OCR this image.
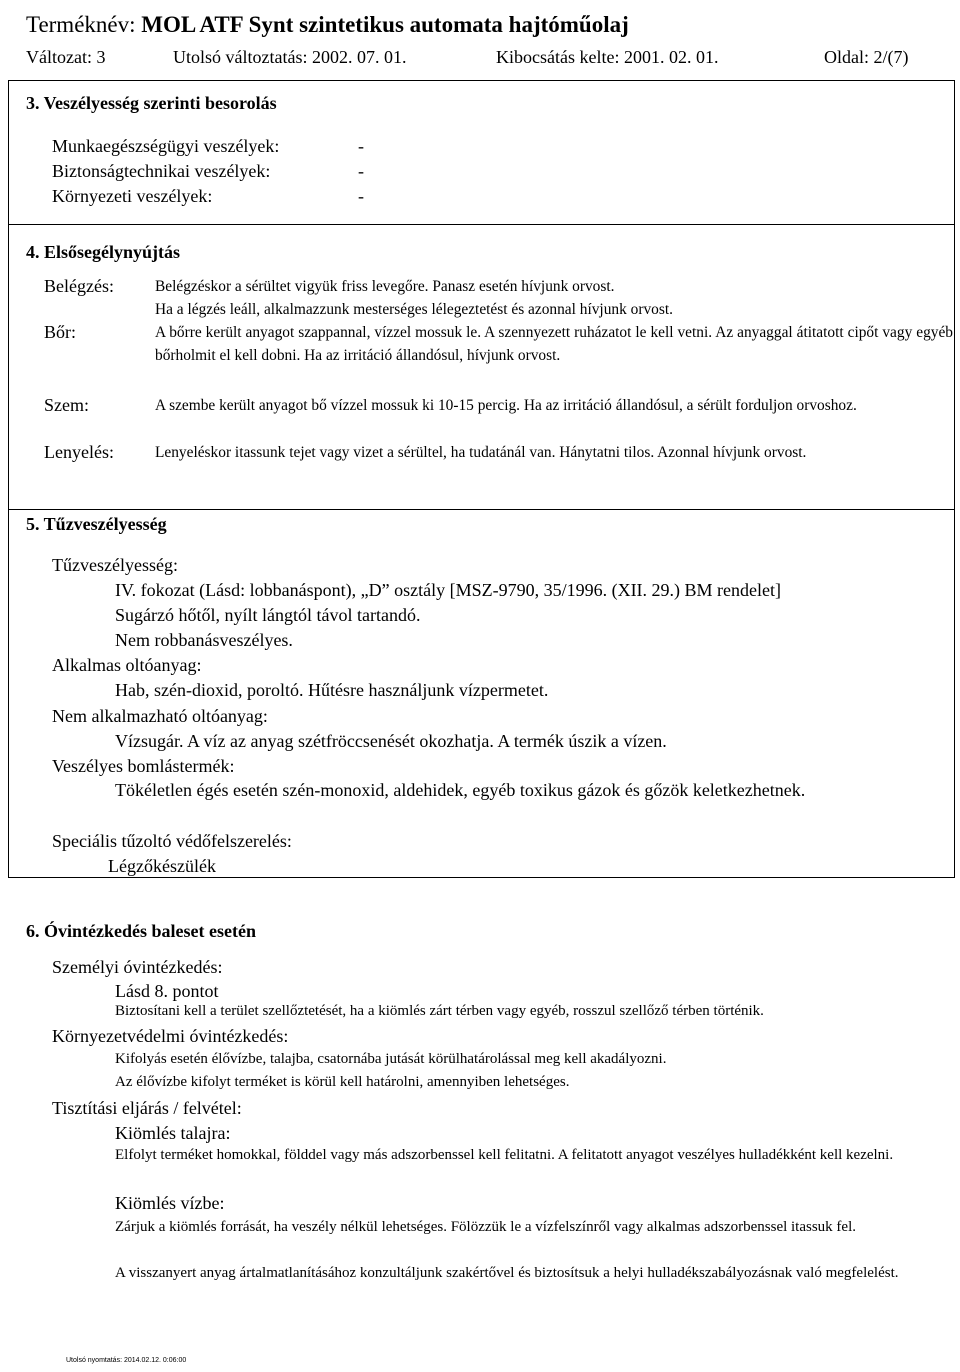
Terméknév: MOL ATF Synt szintetikus automata hajtóműolaj
Változat: 3	Utolsó változtatás: 2002. 07. 01.	Kibocsátás kelte: 2001. 02. 01.	Oldal: 2/(7)
3. Veszélyesség szerinti besorolás
Munkaegészségügyi veszélyek:	-
Biztonságtechnikai veszélyek:	-
Környezeti veszélyek:	-
4. Elsősegélynyújtás
Belégzés:	Belégzéskor a sérültet vigyük friss levegőre. Panasz esetén hívjunk orvost.
Ha a légzés leáll, alkalmazzunk mesterséges lélegeztetést és azonnal hívjunk orvost.
Bőr:	A bőrre került anyagot szappannal, vízzel mossuk le. A szennyezett ruházatot le kell vetni. Az anyaggal átitatott cipőt vagy egyéb bőrholmit el kell dobni. Ha az irritáció állandósul, hívjunk orvost.
Szem:	A szembe került anyagot bő vízzel mossuk ki 10-15 percig. Ha az irritáció állandósul, a sérült forduljon orvoshoz.
Lenyelés:	Lenyeléskor itassunk tejet vagy vizet a sérültel, ha tudatánál van. Hánytatni tilos. Azonnal hívjunk orvost.
5. Tűzveszélyesség
Tűzveszélyesség:
IV. fokozat (Lásd: lobbanáspont), „D” osztály [MSZ-9790, 35/1996. (XII. 29.) BM rendelet]
Sugárzó hőtől, nyílt lángtól távol tartandó.
Nem robbanásveszélyes.
Alkalmas oltóanyag:
Hab, szén-dioxid, poroltó. Hűtésre használjunk vízpermetet.
Nem alkalmazható oltóanyag:
Vízsugár. A víz az anyag szétfröccsenését okozhatja. A termék úszik a vízen.
Veszélyes bomlástermék:
Tökéletlen égés esetén szén-monoxid, aldehidek, egyéb toxikus gázok és gőzök keletkezhetnek.
Speciális tűzoltó védőfelszerelés:
Légzőkészülék
6. Óvintézkedés baleset esetén
Személyi óvintézkedés:
Lásd 8. pontot
Biztosítani kell a terület szellőztetését, ha a kiömlés zárt térben vagy egyéb, rosszul szellőző térben történik.
Környezetvédelmi óvintézkedés:
Kifolyás esetén élővízbe, talajba, csatornába jutását körülhatárolással meg kell akadályozni.
Az élővízbe kifolyt terméket is körül kell határolni, amennyiben lehetséges.
Tisztítási eljárás / felvétel:
Kiömlés talajra:
Elfolyt terméket homokkal, földdel vagy más adszorbenssel kell felitatni. A felitatott anyagot veszélyes hulladékként kell kezelni.
Kiömlés vízbe:
Zárjuk a kiömlés forrását, ha veszély nélkül lehetséges. Fölözzük le a vízfelszínről vagy alkalmas adszorbenssel itassuk fel.
A visszanyert anyag ártalmatlanításához konzultáljunk szakértővel és biztosítsuk a helyi hulladékszabályozásnak való megfelelést.
Utolsó nyomtatás: 2014.02.12. 0:06:00
